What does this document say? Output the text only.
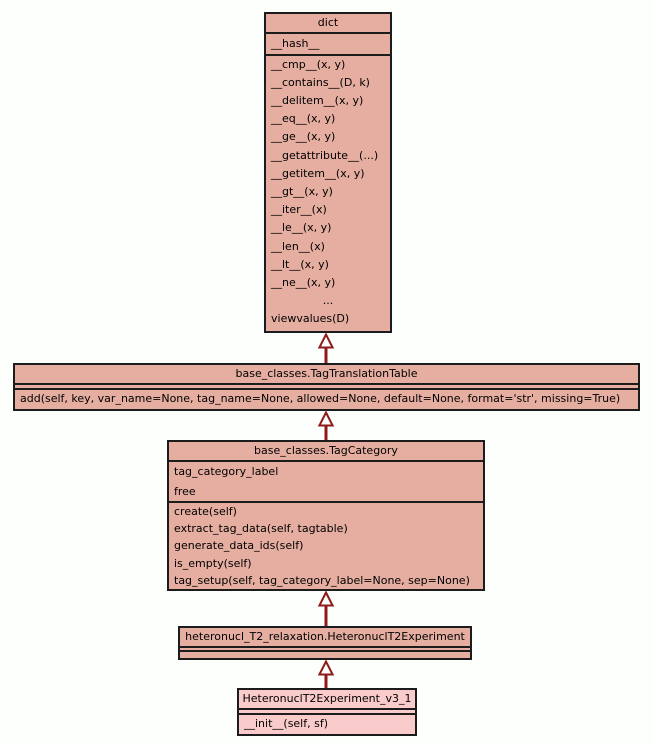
dict
__hash__
__cmp__(x, y)
__contains__(D, k)
__delitem__(x, y)
__eq__(x, y)
__ge__(x, y)
__getattribute__(...)
__getitem__(x, y)
__gt__(x, y)
__iter__(x)
__le__(x, y)
__len__(x)
__lt__(x, y)
__ne__(x, y)
...
viewvalues(D)
base_classes.TagTranslationTable
add(self, key, var_name=None, tag_name=None, allowed=None, default=None, format='str', missing=True)
base_classes.TagCategory
tag_category_label
free
create(self)
extract_tag_data(self, tagtable)
generate_data_ids(self)
is_empty(self)
tag_setup(self, tag_category_label=None, sep=None)
heteronucl_T2_relaxation.HeteronuclT2Experiment
HeteronuclT2Experiment_v3_1
__init__(self, sf)
